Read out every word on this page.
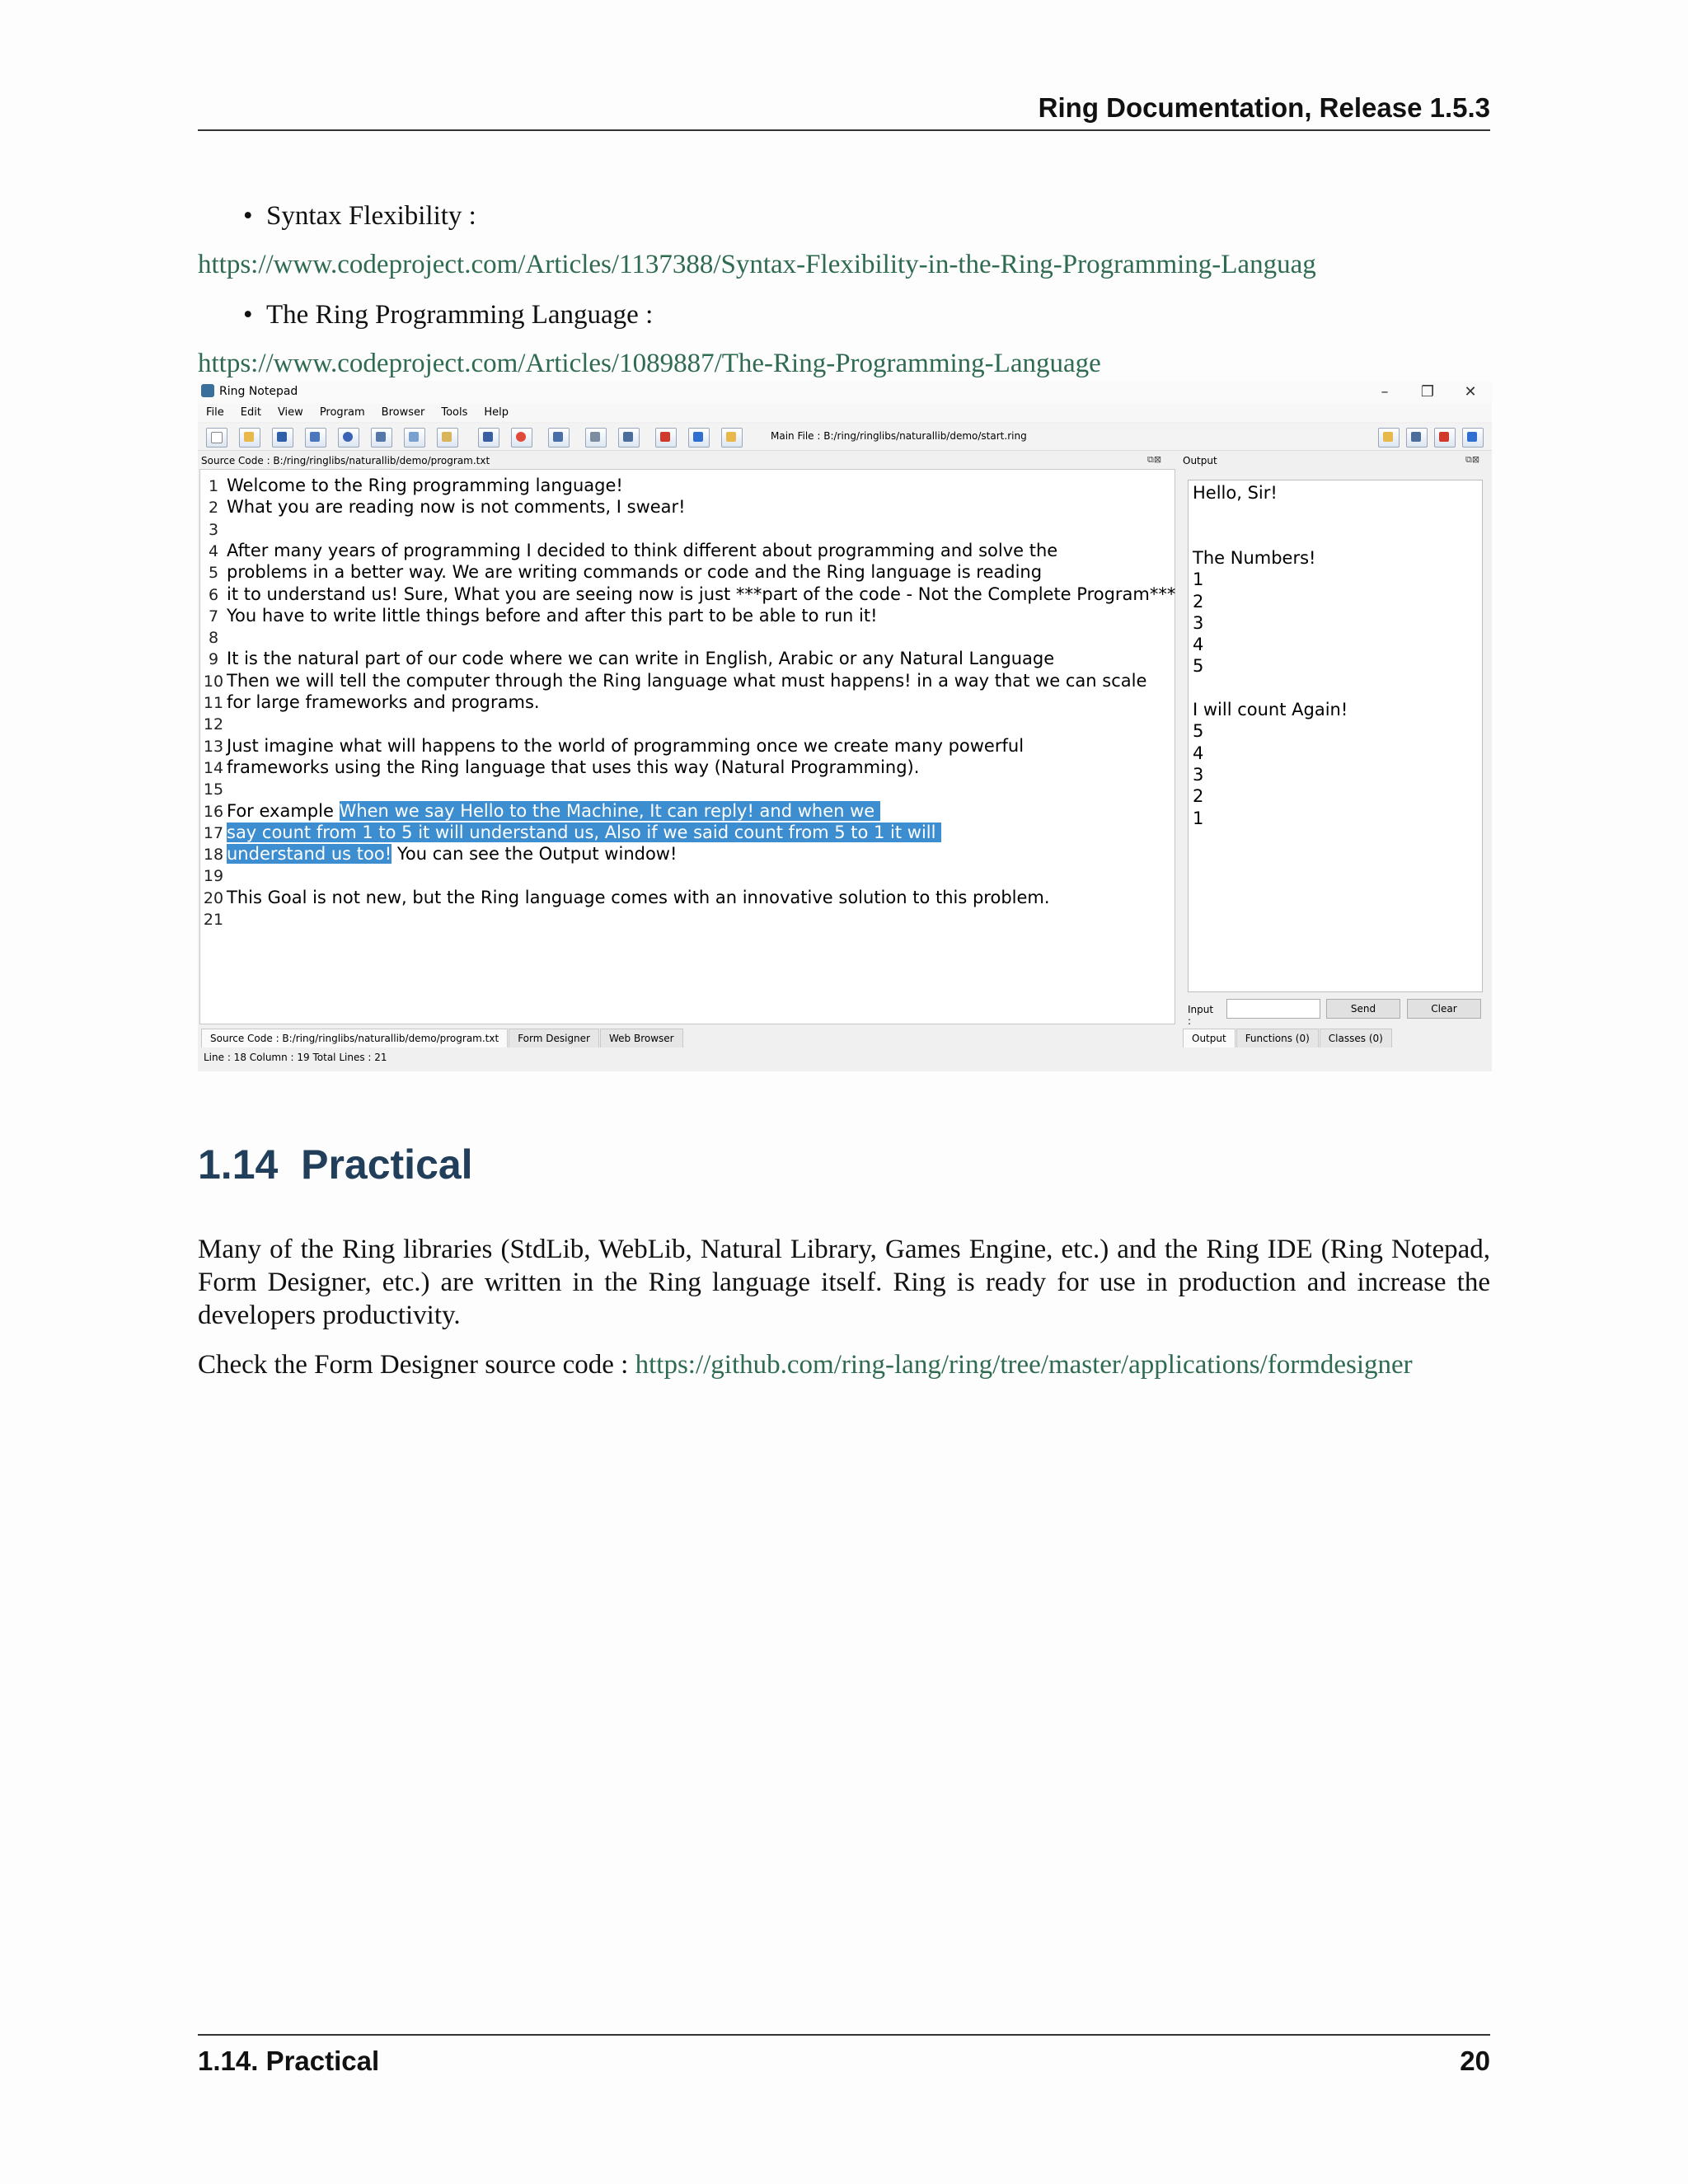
Ring Documentation, Release 1.5.3
• Syntax Flexibility :
https://www.codeproject.com/Articles/1137388/Syntax-Flexibility-in-the-Ring-Programming-Languag
• The Ring Programming Language :
https://www.codeproject.com/Articles/1089887/The-Ring-Programming-Language
Ring Notepad	–	❐	✕
File	Edit	View	Program	Browser	Tools	Help
Main File : B:/ring/ringlibs/naturallib/demo/start.ring
Source Code : B:/ring/ringlibs/naturallib/demo/program.txt	⧉⊠ Output	⧉⊠
1 Welcome to the Ring programming language!
2 What you are reading now is not comments, I swear!
3
4 After many years of programming I decided to think different about programming and solve the
5 problems in a better way. We are writing commands or code and the Ring language is reading
6 it to understand us! Sure, What you are seeing now is just ***part of the code - Not the Complete Program***
7 You have to write little things before and after this part to be able to run it!
8
9 It is the natural part of our code where we can write in English, Arabic or any Natural Language
10 Then we will tell the computer through the Ring language what must happens! in a way that we can scale
11 for large frameworks and programs.
12
13 Just imagine what will happens to the world of programming once we create many powerful
14 frameworks using the Ring language that uses this way (Natural Programming).
15
16 For example When we say Hello to the Machine, It can reply! and when we
17 say count from 1 to 5 it will understand us, Also if we said count from 5 to 1 it will
18 understand us too! You can see the Output window!
19
20 This Goal is not new, but the Ring language comes with an innovative solution to this problem.
21
Hello, Sir!
The Numbers!
1
2
3
4
5
I will count Again!
5
4
3
2
1
Input :
Send	Clear
Source Code : B:/ring/ringlibs/naturallib/demo/program.txt	Form Designer	Web Browser	Output	Functions (0)	Classes (0)
Line : 18 Column : 19 Total Lines : 21
1.14  Practical
Many of the Ring libraries (StdLib, WebLib, Natural Library, Games Engine, etc.) and the Ring IDE (Ring Notepad, Form Designer, etc.) are written in the Ring language itself. Ring is ready for use in production and increase the developers productivity.
Check the Form Designer source code : https://github.com/ring-lang/ring/tree/master/applications/formdesigner
1.14. Practical	20
